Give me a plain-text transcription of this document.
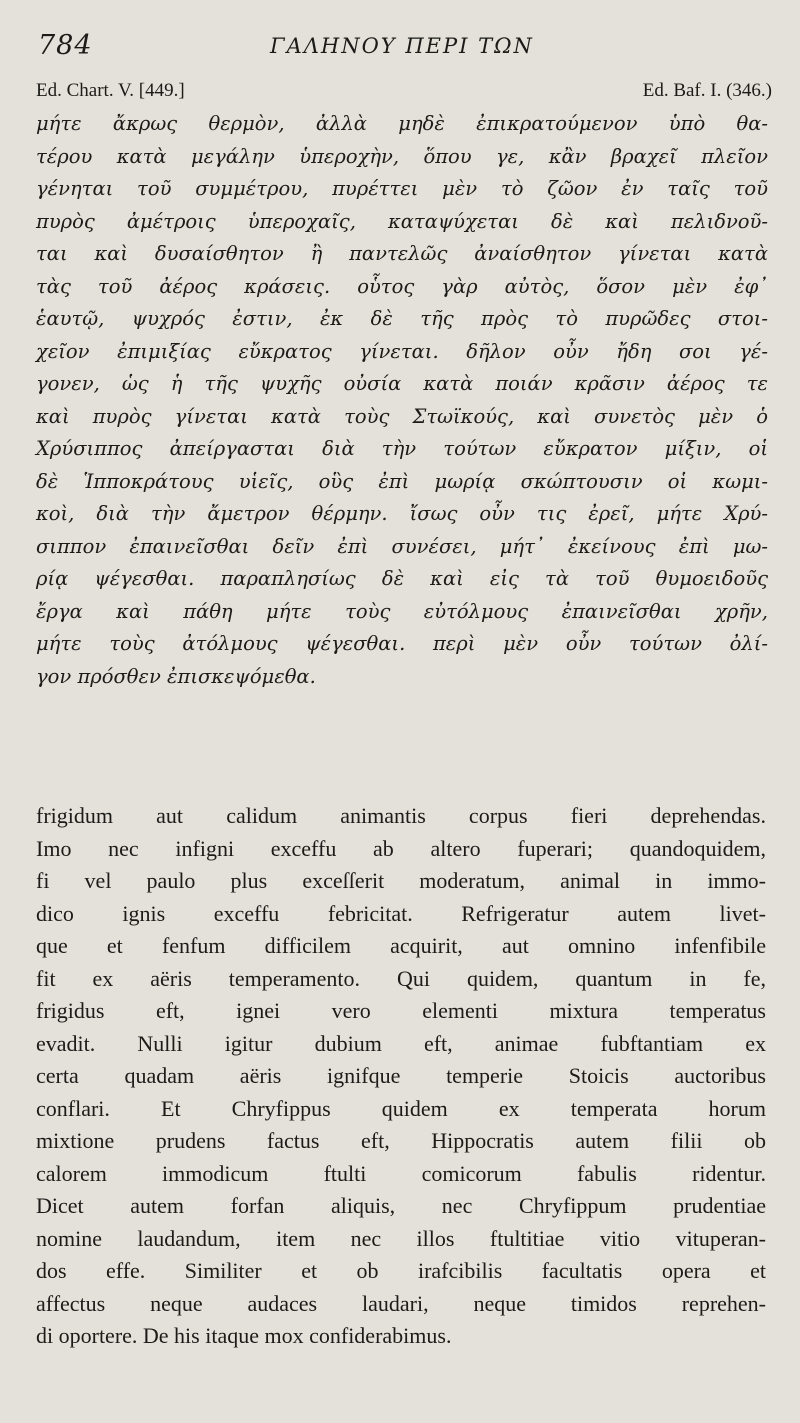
784	ΓΑΛΗΝΟΥ ΠΕΡΙ ΤΩΝ
Ed. Chart. V. [449.]	Ed. Baf. I. (346.)
μήτε ἄκρως θερμὸν, ἀλλὰ μηδὲ ἐπικρατούμενον ὑπὸ θα-
τέρου κατὰ μεγάλην ὑπεροχὴν, ὅπου γε, κἂν βραχεῖ πλεῖον
γένηται τοῦ συμμέτρου, πυρέττει μὲν τὸ ζῶον ἐν ταῖς τοῦ
πυρὸς ἀμέτροις ὑπεροχαῖς, καταψύχεται δὲ καὶ πελιδνοῦ-
ται καὶ δυσαίσθητον ἢ παντελῶς ἀναίσθητον γίνεται κατὰ
τὰς τοῦ ἀέρος κράσεις. οὗτος γὰρ αὐτὸς, ὅσον μὲν ἐφ᾽
ἑαυτῷ, ψυχρός ἐστιν, ἐκ δὲ τῆς πρὸς τὸ πυρῶδες στοι-
χεῖον ἐπιμιξίας εὔκρατος γίνεται. δῆλον οὖν ἤδη σοι γέ-
γονεν, ὡς ἡ τῆς ψυχῆς οὐσία κατὰ ποιάν κρᾶσιν ἀέρος τε
καὶ πυρὸς γίνεται κατὰ τοὺς Στωϊκούς, καὶ συνετὸς μὲν ὁ
Χρύσιππος ἀπείργασται διὰ τὴν τούτων εὔκρατον μίξιν, οἱ
δὲ Ἱπποκράτους υἱεῖς, οὓς ἐπὶ μωρίᾳ σκώπτουσιν οἱ κωμι-
κοὶ, διὰ τὴν ἄμετρον θέρμην. ἴσως οὖν τις ἐρεῖ, μήτε Χρύ-
σιππον ἐπαινεῖσθαι δεῖν ἐπὶ συνέσει, μήτ᾽ ἐκείνους ἐπὶ μω-
ρίᾳ ψέγεσθαι. παραπλησίως δὲ καὶ εἰς τὰ τοῦ θυμοειδοῦς
ἔργα καὶ πάθη μήτε τοὺς εὐτόλμους ἐπαινεῖσθαι χρῆν,
μήτε τοὺς ἀτόλμους ψέγεσθαι. περὶ μὲν οὖν τούτων ὀλί-
γον πρόσθεν ἐπισκεψόμεθα.
frigidum aut calidum animantis corpus fieri deprehendas.
Imo nec infigni exceffu ab altero fuperari; quandoquidem,
fi vel paulo plus exceſſerit moderatum, animal in immo-
dico ignis exceffu febricitat. Refrigeratur autem livet-
que et fenfum difficilem acquirit, aut omnino infenfibile
fit ex aëris temperamento. Qui quidem, quantum in fe,
frigidus eft, ignei vero elementi mixtura temperatus
evadit. Nulli igitur dubium eft, animae fubftantiam ex
certa quadam aëris ignifque temperie Stoicis auctoribus
conflari. Et Chryfippus quidem ex temperata horum
mixtione prudens factus eft, Hippocratis autem filii ob
calorem immodicum ftulti comicorum fabulis ridentur.
Dicet autem forfan aliquis, nec Chryfippum prudentiae
nomine laudandum, item nec illos ftultitiae vitio vituperan-
dos effe. Similiter et ob irafcibilis facultatis opera et
affectus neque audaces laudari, neque timidos reprehen-
di oportere. De his itaque mox confiderabimus.
